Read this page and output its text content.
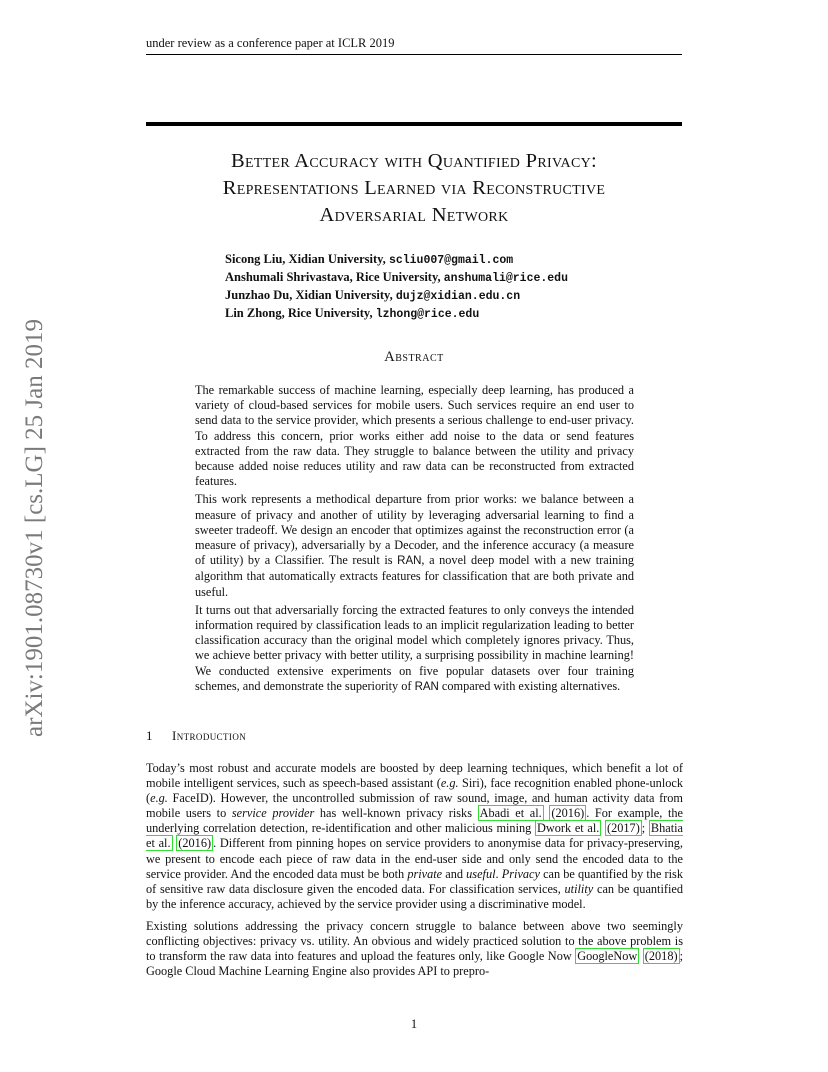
under review as a conference paper at ICLR 2019
arXiv:1901.08730v1 [cs.LG] 25 Jan 2019
Better Accuracy with Quantified Privacy:
Representations Learned via Reconstructive
Adversarial Network
Sicong Liu, Xidian University, scliu007@gmail.com
Anshumali Shrivastava, Rice University, anshumali@rice.edu
Junzhao Du, Xidian University, dujz@xidian.edu.cn
Lin Zhong, Rice University, lzhong@rice.edu
Abstract

The remarkable success of machine learning, especially deep learning, has produced a variety of cloud-based services for mobile users. Such services require an end user to send data to the service provider, which presents a serious challenge to end-user privacy. To address this concern, prior works either add noise to the data or send features extracted from the raw data. They struggle to balance between the utility and privacy because added noise reduces utility and raw data can be reconstructed from extracted features.

This work represents a methodical departure from prior works: we balance between a measure of privacy and another of utility by leveraging adversarial learning to find a sweeter tradeoff. We design an encoder that optimizes against the reconstruction error (a measure of privacy), adversarially by a Decoder, and the inference accuracy (a measure of utility) by a Classifier. The result is RAN, a novel deep model with a new training algorithm that automatically extracts features for classification that are both private and useful.

It turns out that adversarially forcing the extracted features to only conveys the intended information required by classification leads to an implicit regularization leading to better classification accuracy than the original model which completely ignores privacy. Thus, we achieve better privacy with better utility, a surprising possibility in machine learning! We conducted extensive experiments on five popular datasets over four training schemes, and demonstrate the superiority of RAN compared with existing alternatives.

1 Introduction

Today’s most robust and accurate models are boosted by deep learning techniques, which benefit a lot of mobile intelligent services, such as speech-based assistant (e.g. Siri), face recognition enabled phone-unlock (e.g. FaceID). However, the uncontrolled submission of raw sound, image, and human activity data from mobile users to service provider has well-known privacy risks Abadi et al. (2016) . For example, the underlying correlation detection, re-identification and other malicious mining Dwork et al. (2017) ; Bhatia et al. (2016) . Different from pinning hopes on service providers to anonymise data for privacy-preserving, we present to encode each piece of raw data in the end-user side and only send the encoded data to the service provider. And the encoded data must be both private and useful. Privacy can be quantified by the risk of sensitive raw data disclosure given the encoded data. For classification services, utility can be quantified by the inference accuracy, achieved by the service provider using a discriminative model.

Existing solutions addressing the privacy concern struggle to balance between above two seemingly conflicting objectives: privacy vs. utility. An obvious and widely practiced solution to the above problem is to transform the raw data into features and upload the features only, like Google Now GoogleNow (2018) ; Google Cloud Machine Learning Engine also provides API to prepro-

1
